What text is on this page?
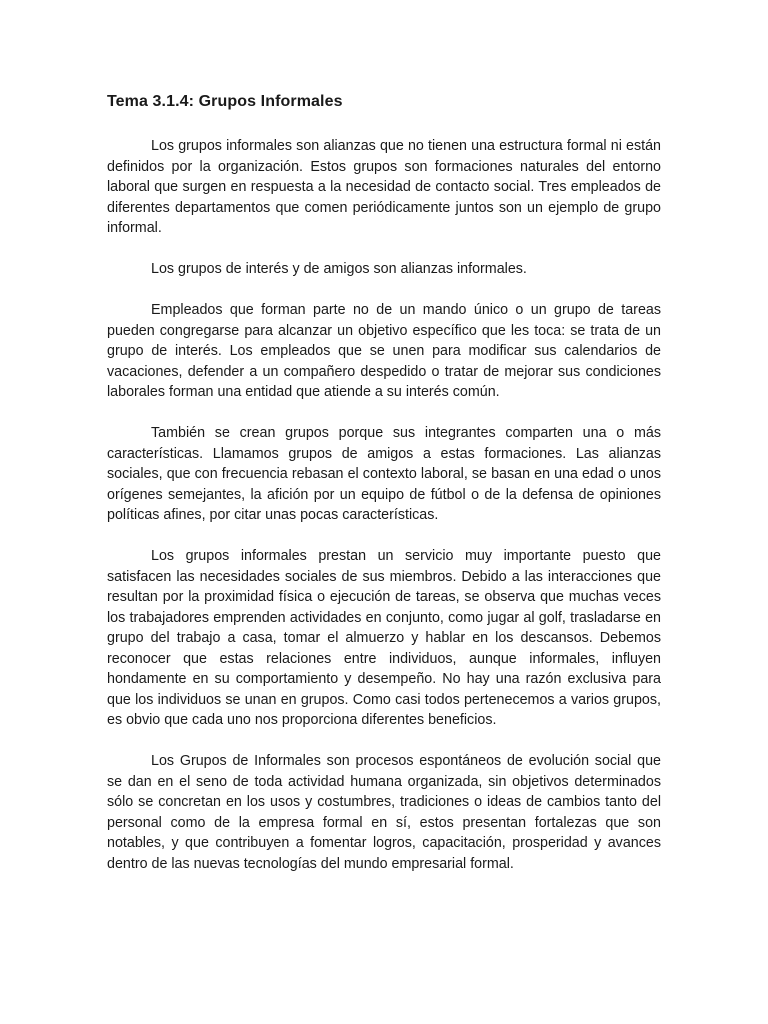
Tema 3.1.4: Grupos Informales

Los grupos informales son alianzas que no tienen una estructura formal ni están definidos por la organización. Estos grupos son formaciones naturales del entorno laboral que surgen en respuesta a la necesidad de contacto social. Tres empleados de diferentes departamentos que comen periódicamente juntos son un ejemplo de grupo informal.

Los grupos de interés y de amigos son alianzas informales.

Empleados que forman parte no de un mando único o un grupo de tareas pueden congregarse para alcanzar un objetivo específico que les toca: se trata de un grupo de interés. Los empleados que se unen para modificar sus calendarios de vacaciones, defender a un compañero despedido o tratar de mejorar sus condiciones laborales forman una entidad que atiende a su interés común.

También se crean grupos porque sus integrantes comparten una o más características. Llamamos grupos de amigos a estas formaciones. Las alianzas sociales, que con frecuencia rebasan el contexto laboral, se basan en una edad o unos orígenes semejantes, la afición por un equipo de fútbol o de la defensa de opiniones políticas afines, por citar unas pocas características.

Los grupos informales prestan un servicio muy importante puesto que satisfacen las necesidades sociales de sus miembros. Debido a las interacciones que resultan por la proximidad física o ejecución de tareas, se observa que muchas veces los trabajadores emprenden actividades en conjunto, como jugar al golf, trasladarse en grupo del trabajo a casa, tomar el almuerzo y hablar en los descansos. Debemos reconocer que estas relaciones entre individuos, aunque informales, influyen hondamente en su comportamiento y desempeño. No hay una razón exclusiva para que los individuos se unan en grupos. Como casi todos pertenecemos a varios grupos, es obvio que cada uno nos proporciona diferentes beneficios.

Los Grupos de Informales son procesos espontáneos de evolución social que se dan en el seno de toda actividad humana organizada, sin objetivos determinados sólo se concretan en los usos y costumbres, tradiciones o ideas de cambios tanto del personal como de la empresa formal en sí, estos presentan fortalezas que son notables, y que contribuyen a fomentar logros, capacitación, prosperidad y avances dentro de las nuevas tecnologías del mundo empresarial formal.
